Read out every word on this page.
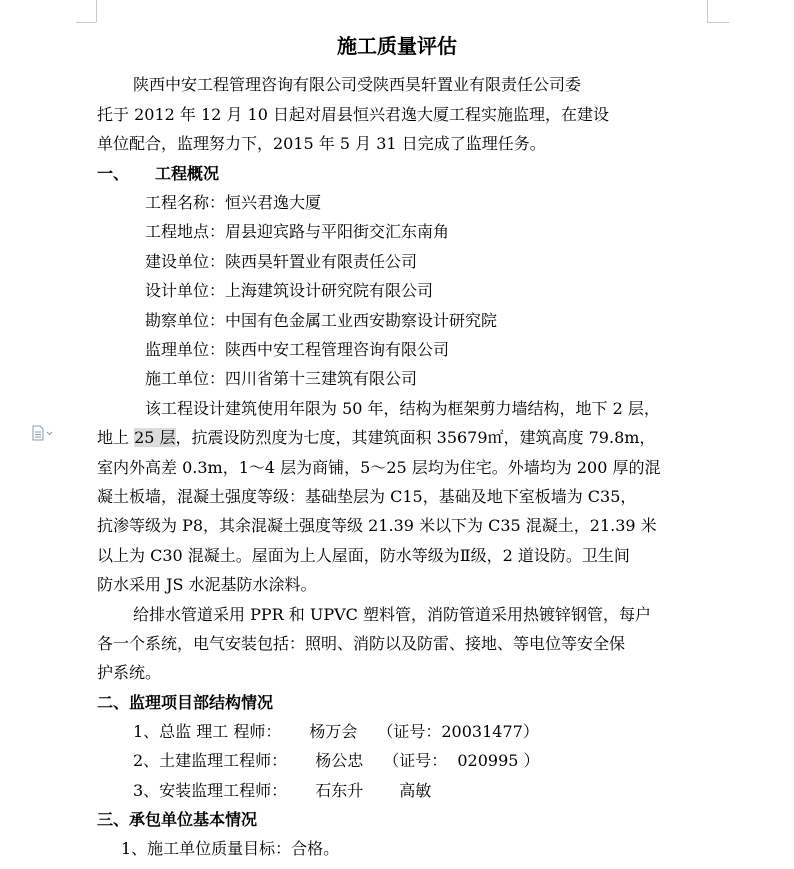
施工质量评估
陕西中安工程管理咨询有限公司受陕西昊轩置业有限责任公司委
托于 2012 年 12 月 10 日起对眉县恒兴君逸大厦工程实施监理，在建设
单位配合，监理努力下，2015 年 5 月 31 日完成了监理任务。
一、 工程概况
工程名称：恒兴君逸大厦
工程地点：眉县迎宾路与平阳街交汇东南角
建设单位：陕西昊轩置业有限责任公司
设计单位：上海建筑设计研究院有限公司
勘察单位：中国有色金属工业西安勘察设计研究院
监理单位：陕西中安工程管理咨询有限公司
施工单位：四川省第十三建筑有限公司
该工程设计建筑使用年限为 50 年，结构为框架剪力墙结构，地下 2 层，
地上 25 层，抗震设防烈度为七度，其建筑面积 35679㎡，建筑高度 79.8m，
室内外高差 0.3m，1～4 层为商铺，5～25 层均为住宅。外墙均为 200 厚的混
凝土板墙，混凝土强度等级：基础垫层为 C15，基础及地下室板墙为 C35，
抗渗等级为 P8，其余混凝土强度等级 21.39 米以下为 C35 混凝土，21.39 米
以上为 C30 混凝土。屋面为上人屋面，防水等级为Ⅱ级，2 道设防。卫生间
防水采用 JS 水泥基防水涂料。
给排水管道采用 PPR 和 UPVC 塑料管，消防管道采用热镀锌钢管，每户
各一个系统，电气安装包括：照明、消防以及防雷、接地、等电位等安全保
护系统。
二、监理项目部结构情况
1、总监 理工 程师： 杨万会 （证号：20031477）
2、土建监理工程师： 杨公忠 （证号：  020995 ）
3、安装监理工程师： 石东升 高敏
三、承包单位基本情况
1、施工单位质量目标：合格。
